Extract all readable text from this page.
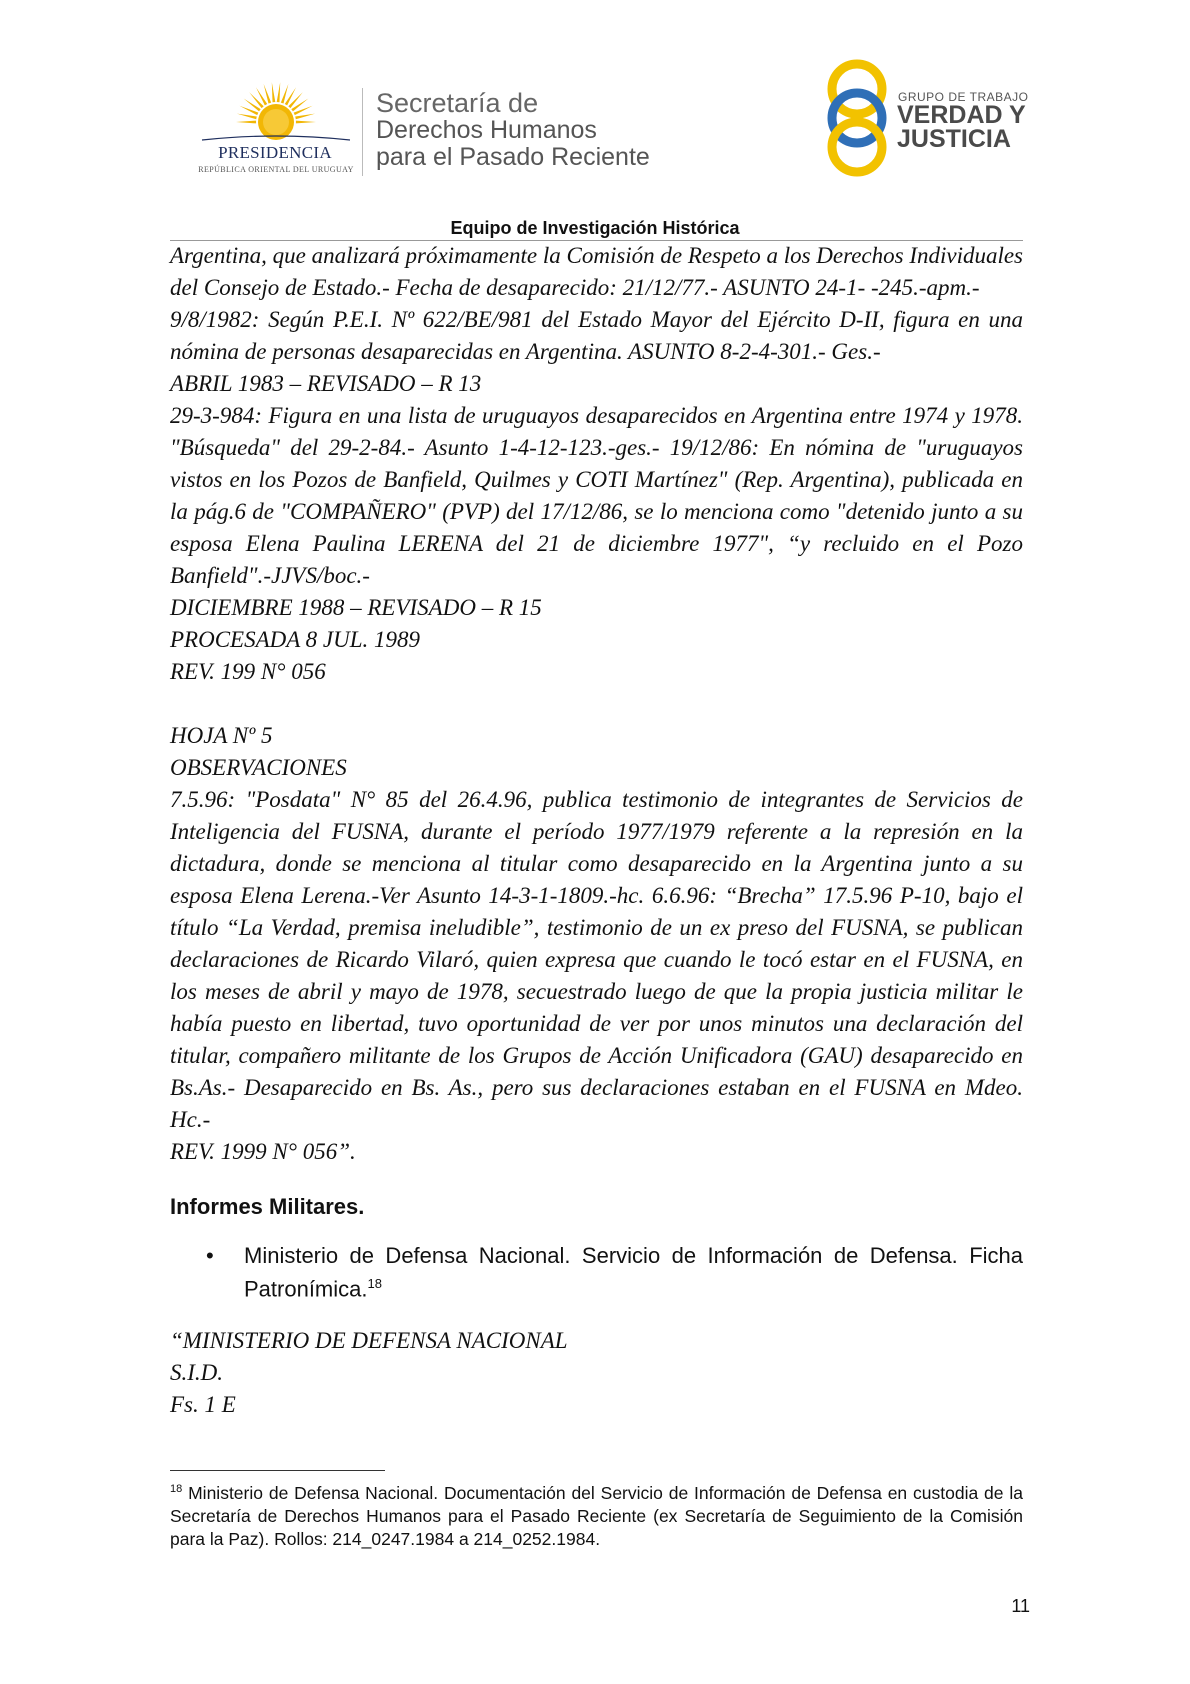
PRESIDENCIA
REPÚBLICA ORIENTAL DEL URUGUAY
Secretaría de
Derechos Humanos
para el Pasado Reciente
GRUPO DE TRABAJO
VERDAD Y
JUSTICIA
Equipo de Investigación Histórica

Argentina, que analizará próximamente la Comisión de Respeto a los Derechos Individuales del Consejo de Estado.- Fecha de desaparecido: 21/12/77.- ASUNTO 24-1- -245.-apm.-

9/8/1982: Según P.E.I. Nº 622/BE/981 del Estado Mayor del Ejército D-II, figura en una nómina de personas desaparecidas en Argentina. ASUNTO 8-2-4-301.- Ges.-

ABRIL 1983 – REVISADO – R 13

29-3-984: Figura en una lista de uruguayos desaparecidos en Argentina entre 1974 y 1978. "Búsqueda" del 29-2-84.- Asunto 1-4-12-123.-ges.- 19/12/86: En nómina de "uruguayos vistos en los Pozos de Banfield, Quilmes y COTI Martínez" (Rep. Argentina), publicada en la pág.6 de "COMPAÑERO" (PVP) del 17/12/86, se lo menciona como "detenido junto a su esposa Elena Paulina LERENA del 21 de diciembre 1977", “y recluido en el Pozo Banfield".-JJVS/boc.-

DICIEMBRE 1988 – REVISADO – R 15

PROCESADA 8 JUL. 1989

REV. 199 N° 056

HOJA Nº 5

OBSERVACIONES

7.5.96: "Posdata" N° 85 del 26.4.96, publica testimonio de integrantes de Servicios de Inteligencia del FUSNA, durante el período 1977/1979 referente a la represión en la dictadura, donde se menciona al titular como desaparecido en la Argentina junto a su esposa Elena Lerena.-Ver Asunto 14-3-1-1809.-hc. 6.6.96: “Brecha” 17.5.96 P-10, bajo el título “La Verdad, premisa ineludible”, testimonio de un ex preso del FUSNA, se publican declaraciones de Ricardo Vilaró, quien expresa que cuando le tocó estar en el FUSNA, en los meses de abril y mayo de 1978, secuestrado luego de que la propia justicia militar le había puesto en libertad, tuvo oportunidad de ver por unos minutos una declaración del titular, compañero militante de los Grupos de Acción Unificadora (GAU) desaparecido en Bs.As.- Desaparecido en Bs. As., pero sus declaraciones estaban en el FUSNA en Mdeo. Hc.-

REV. 1999 N° 056”.

Informes Militares.

• Ministerio de Defensa Nacional. Servicio de Información de Defensa. Ficha Patronímica.$^{18}$

“MINISTERIO DE DEFENSA NACIONAL

S.I.D.

Fs. 1 E

$^{18}$ Ministerio de Defensa Nacional. Documentación del Servicio de Información de Defensa en custodia de la Secretaría de Derechos Humanos para el Pasado Reciente (ex Secretaría de Seguimiento de la Comisión para la Paz). Rollos: 214_0247.1984 a 214_0252.1984.
11
